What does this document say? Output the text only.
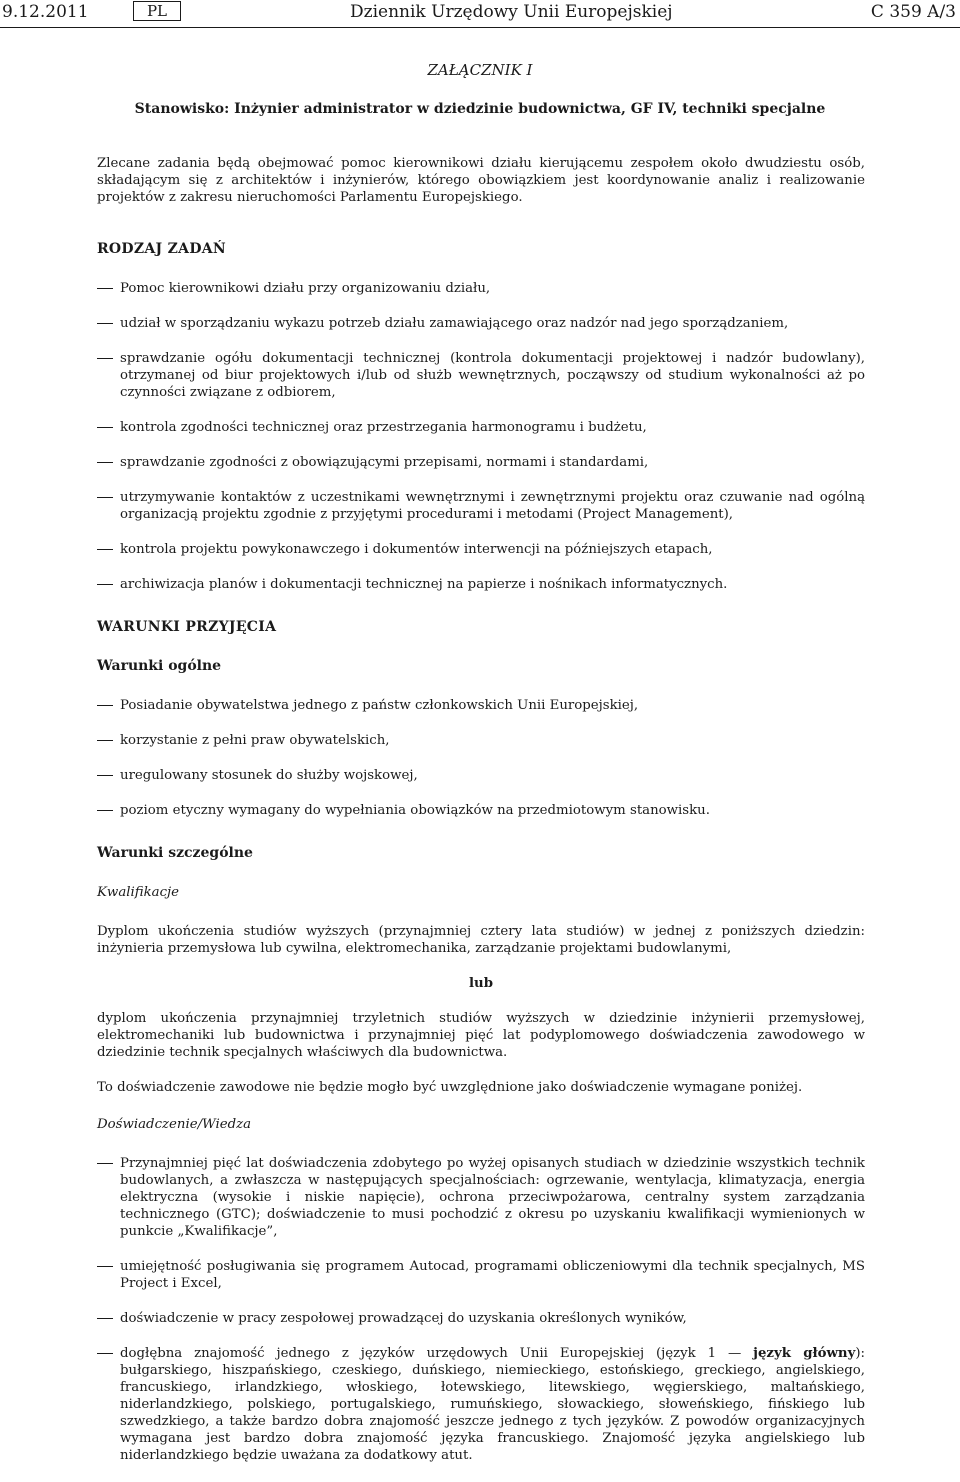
9.12.2011	PL	Dziennik Urzędowy Unii Europejskiej	C 359 A/3
ZAŁĄCZNIK I
Stanowisko: Inżynier administrator w dziedzinie budownictwa, GF IV, techniki specjalne

Zlecane zadania będą obejmować pomoc kierownikowi działu kierującemu zespołem około dwudziestu osób, składającym się z architektów i inżynierów, którego obowiązkiem jest koordynowanie analiz i realizowanie projektów z zakresu nieruchomości Parlamentu Europejskiego.

RODZAJ ZADAŃ
Pomoc kierownikowi działu przy organizowaniu działu,
udział w sporządzaniu wykazu potrzeb działu zamawiającego oraz nadzór nad jego sporządzaniem,
sprawdzanie ogółu dokumentacji technicznej (kontrola dokumentacji projektowej i nadzór budowlany), otrzymanej od biur projektowych i/lub od służb wewnętrznych, począwszy od studium wykonalności aż po czynności związane z odbiorem,
kontrola zgodności technicznej oraz przestrzegania harmonogramu i budżetu,
sprawdzanie zgodności z obowiązującymi przepisami, normami i standardami,
utrzymywanie kontaktów z uczestnikami wewnętrznymi i zewnętrznymi projektu oraz czuwanie nad ogólną organizacją projektu zgodnie z przyjętymi procedurami i metodami (Project Management),
kontrola projektu powykonawczego i dokumentów interwencji na późniejszych etapach,
archiwizacja planów i dokumentacji technicznej na papierze i nośnikach informatycznych.
WARUNKI PRZYJĘCIA
Warunki ogólne
Posiadanie obywatelstwa jednego z państw członkowskich Unii Europejskiej,
korzystanie z pełni praw obywatelskich,
uregulowany stosunek do służby wojskowej,
poziom etyczny wymagany do wypełniania obowiązków na przedmiotowym stanowisku.
Warunki szczególne
Kwalifikacje

Dyplom ukończenia studiów wyższych (przynajmniej cztery lata studiów) w jednej z poniższych dziedzin: inżynieria przemysłowa lub cywilna, elektromechanika, zarządzanie projektami budowlanymi,

lub

dyplom ukończenia przynajmniej trzyletnich studiów wyższych w dziedzinie inżynierii przemysłowej, elektromechaniki lub budownictwa i przynajmniej pięć lat podyplomowego doświadczenia zawodowego w dziedzinie technik specjalnych właściwych dla budownictwa.

To doświadczenie zawodowe nie będzie mogło być uwzględnione jako doświadczenie wymagane poniżej.

Doświadczenie/Wiedza
Przynajmniej pięć lat doświadczenia zdobytego po wyżej opisanych studiach w dziedzinie wszystkich technik budowlanych, a zwłaszcza w następujących specjalnościach: ogrzewanie, wentylacja, klimatyzacja, energia elektryczna (wysokie i niskie napięcie), ochrona przeciwpożarowa, centralny system zarządzania technicznego (GTC); doświadczenie to musi pochodzić z okresu po uzyskaniu kwalifikacji wymienionych w punkcie „Kwalifikacje”,
umiejętność posługiwania się programem Autocad, programami obliczeniowymi dla technik specjalnych, MS Project i Excel,
doświadczenie w pracy zespołowej prowadzącej do uzyskania określonych wyników,
dogłębna znajomość jednego z języków urzędowych Unii Europejskiej (język 1 — język główny): bułgarskiego, hiszpańskiego, czeskiego, duńskiego, niemieckiego, estońskiego, greckiego, angielskiego, francuskiego, irlandzkiego, włoskiego, łotewskiego, litewskiego, węgierskiego, maltańskiego, niderlandzkiego, polskiego, portugalskiego, rumuńskiego, słowackiego, słoweńskiego, fińskiego lub szwedzkiego, a także bardzo dobra znajomość jeszcze jednego z tych języków. Z powodów organizacyjnych wymagana jest bardzo dobra znajomość języka francuskiego. Znajomość języka angielskiego lub niderlandzkiego będzie uważana za dodatkowy atut.
